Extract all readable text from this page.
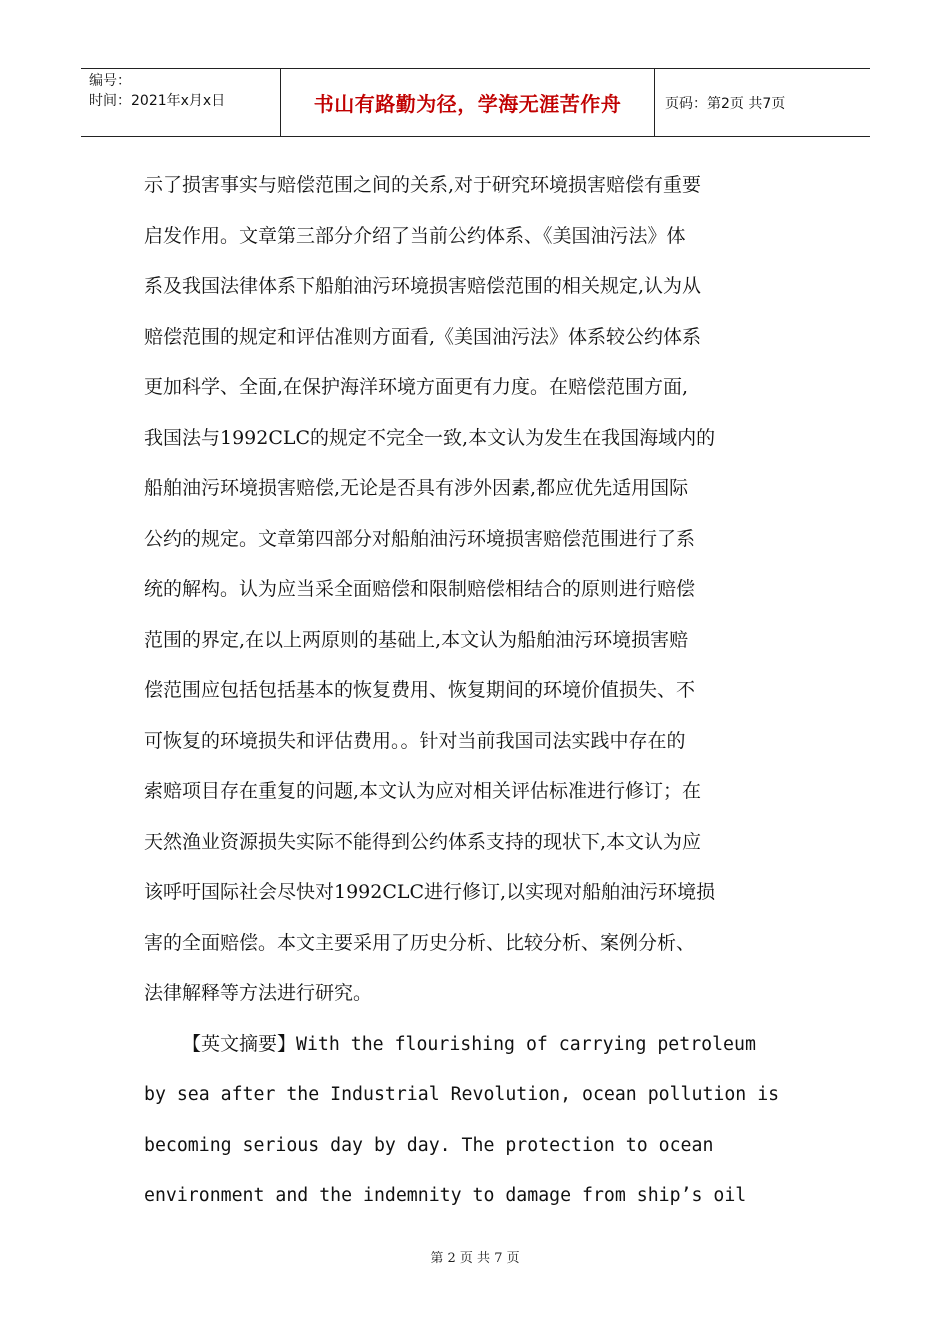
编号：
时间：2021年x月x日	书山有路勤为径，学海无涯苦作舟	页码：第2页 共7页

示了损害事实与赔偿范围之间的关系,对于研究环境损害赔偿有重要
启发作用。文章第三部分介绍了当前公约体系、《美国油污法》体
系及我国法律体系下船舶油污环境损害赔偿范围的相关规定,认为从
赔偿范围的规定和评估准则方面看,《美国油污法》体系较公约体系
更加科学、全面,在保护海洋环境方面更有力度。在赔偿范围方面,
我国法与1992CLC的规定不完全一致,本文认为发生在我国海域内的
船舶油污环境损害赔偿,无论是否具有涉外因素,都应优先适用国际
公约的规定。文章第四部分对船舶油污环境损害赔偿范围进行了系
统的解构。认为应当采全面赔偿和限制赔偿相结合的原则进行赔偿
范围的界定,在以上两原则的基础上,本文认为船舶油污环境损害赔
偿范围应包括包括基本的恢复费用、恢复期间的环境价值损失、不
可恢复的环境损失和评估费用。。针对当前我国司法实践中存在的
索赔项目存在重复的问题,本文认为应对相关评估标准进行修订；在
天然渔业资源损失实际不能得到公约体系支持的现状下,本文认为应
该呼吁国际社会尽快对1992CLC进行修订,以实现对船舶油污环境损
害的全面赔偿。本文主要采用了历史分析、比较分析、案例分析、
法律解释等方法进行研究。

【英文摘要】With the flourishing of carrying petroleum
by sea after the Industrial Revolution, ocean pollution is
becoming serious day by day. The protection to ocean
environment and the indemnity to damage from ship’s oil

第 2 页 共 7 页
